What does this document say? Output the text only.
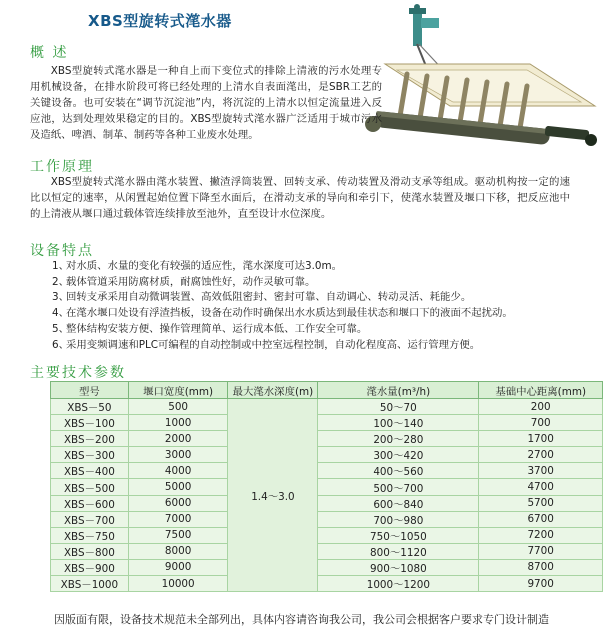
XBS型旋转式滗水器
概 述

XBS型旋转式滗水器是一种自上而下变位式的排除上清液的污水处理专用机械设备，在排水阶段可将已经处理的上清水自表面滗出，是SBR工艺的关键设备。也可安装在“调节沉淀池”内，将沉淀的上清水以恒定流量进入反应池，达到处理效果稳定的目的。XBS型旋转式滗水器广泛适用于城市污水及造纸、啤酒、制革、制药等各种工业废水处理。

工作原理

XBS型旋转式滗水器由滗水装置、撇渣浮筒装置、回转支承、传动装置及滑动支承等组成。驱动机构按一定的速比以恒定的速率，从闲置起始位置下降至水面后，在滑动支承的导向和牵引下，使滗水装置及堰口下移，把反应池中的上清液从堰口通过载体管连续排放至池外，直至设计水位深度。

设备特点
1、对水质、水量的变化有较强的适应性，滗水深度可达3.0m。
2、载体管道采用防腐材质，耐腐蚀性好，动作灵敏可靠。
3、回转支承采用自动微调装置、高效低阻密封、密封可靠、自动调心、转动灵活、耗能少。
4、在滗水堰口处设有浮渣挡板，设备在动作时确保出水水质达到最佳状态和堰口下的液面不起扰动。
5、整体结构安装方便、操作管理简单、运行成本低、工作安全可靠。
6、采用变频调速和PLC可编程的自动控制或中控室远程控制，自动化程度高、运行管理方便。
主要技术参数
型号	堰口宽度(mm)	最大滗水深度(m)	滗水量(m³/h)	基础中心距离(mm)
XBS－50	500	1.4～3.0	50～70	200
XBS－100	1000		100～140	700
XBS－200	2000		200～280	1700
XBS－300	3000		300～420	2700
XBS－400	4000		400～560	3700
XBS－500	5000		500～700	4700
XBS－600	6000		600～840	5700
XBS－700	7000		700～980	6700
XBS－750	7500		750～1050	7200
XBS－800	8000		800～1120	7700
XBS－900	9000		900～1080	8700
XBS－1000	10000		1000～1200	9700
因版面有限，设备技术规范未全部列出，具体内容请咨询我公司，我公司会根据客户要求专门设计制造
